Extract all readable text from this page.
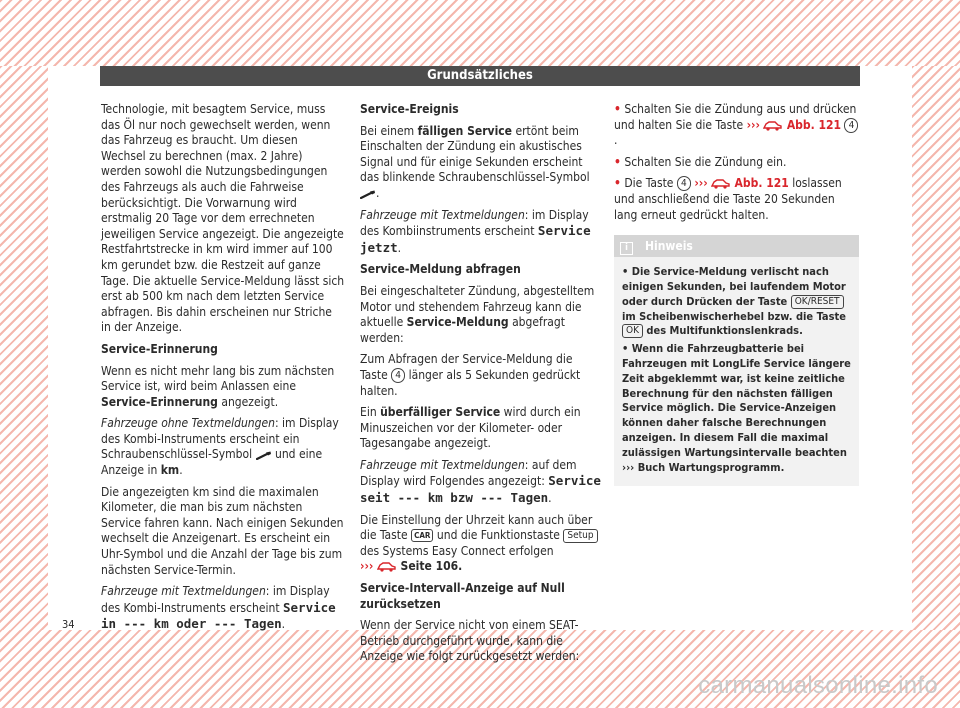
Grundsätzliches

Technologie, mit besagtem Service, muss das Öl nur noch gewechselt werden, wenn das Fahrzeug es braucht. Um diesen Wechsel zu berechnen (max. 2 Jahre) werden sowohl die Nutzungsbedingungen des Fahrzeugs als auch die Fahrweise berücksichtigt. Die Vorwarnung wird erstmalig 20 Tage vor dem errechneten jeweiligen Service angezeigt. Die angezeigte Restfahrtstrecke in km wird immer auf 100 km gerundet bzw. die Restzeit auf ganze Tage. Die aktuelle Service-Meldung lässt sich erst ab 500 km nach dem letzten Service abfragen. Bis dahin erscheinen nur Striche in der Anzeige.

Service-Erinnerung

Wenn es nicht mehr lang bis zum nächsten Service ist, wird beim Anlassen eine Service-Erinnerung angezeigt.

Fahrzeuge ohne Textmeldungen: im Display des Kombi-Instruments erscheint ein Schraubenschlüssel-Symbol  und eine Anzeige in km.

Die angezeigten km sind die maximalen Kilometer, die man bis zum nächsten Service fahren kann. Nach einigen Sekunden wechselt die Anzeigenart. Es erscheint ein Uhr-Symbol und die Anzahl der Tage bis zum nächsten Service-Termin.

Fahrzeuge mit Textmeldungen: im Display des Kombi-Instruments erscheint Service in --- km oder --- Tagen.

Service-Ereignis

Bei einem fälligen Service ertönt beim Einschalten der Zündung ein akustisches Signal und für einige Sekunden erscheint das blinkende Schraubenschlüssel-Symbol .

Fahrzeuge mit Textmeldungen: im Display des Kombiinstruments erscheint Service jetzt.

Service-Meldung abfragen

Bei eingeschalteter Zündung, abgestelltem Motor und stehendem Fahrzeug kann die aktuelle Service-Meldung abgefragt werden:

Zum Abfragen der Service-Meldung die Taste 4 länger als 5 Sekunden gedrückt halten.

Ein überfälliger Service wird durch ein Minuszeichen vor der Kilometer- oder Tagesangabe angezeigt.

Fahrzeuge mit Textmeldungen: auf dem Display wird Folgendes angezeigt: Service seit --- km bzw --- Tagen.

Die Einstellung der Uhrzeit kann auch über die Taste CAR und die Funktionstaste Setup des Systems Easy Connect erfolgen
›››  Seite 106.

Service-Intervall-Anzeige auf Null zurücksetzen

Wenn der Service nicht von einem SEAT-Betrieb durchgeführt wurde, kann die Anzeige wie folgt zurückgesetzt werden:

• Schalten Sie die Zündung aus und drücken und halten Sie die Taste ››› Abb. 121 4.

• Schalten Sie die Zündung ein.

• Die Taste 4 ››› Abb. 121 loslassen und anschließend die Taste 20 Sekunden lang erneut gedrückt halten.

i Hinweis

• Die Service-Meldung verlischt nach einigen Sekunden, bei laufendem Motor oder durch Drücken der Taste OK/RESET im Scheibenwischerhebel bzw. die Taste OK des Multifunktionslenkrads.

• Wenn die Fahrzeugbatterie bei Fahrzeugen mit LongLife Service längere Zeit abgeklemmt war, ist keine zeitliche Berechnung für den nächsten fälligen Service möglich. Die Service-Anzeigen können daher falsche Berechnungen anzeigen. In diesem Fall die maximal zulässigen Wartungsintervalle beachten
››› Buch Wartungsprogramm.

34
carmanualsonline.info
